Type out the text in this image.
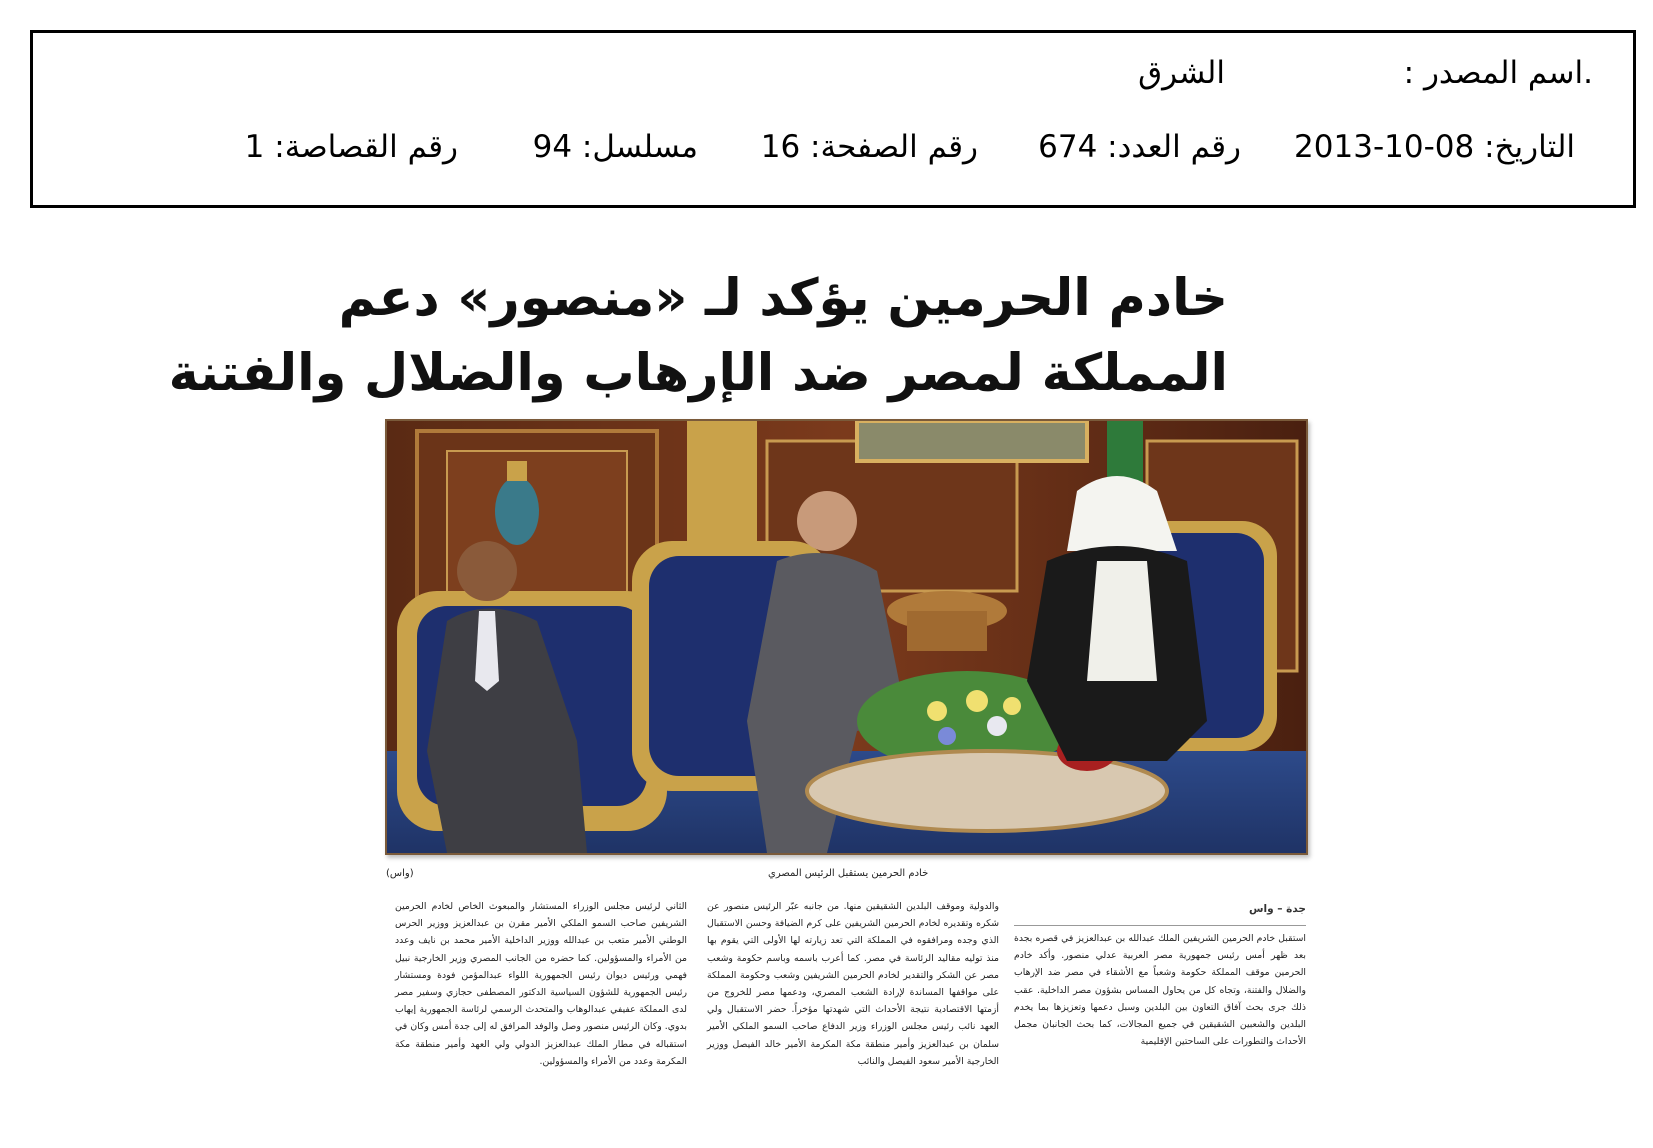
.اسم المصدر :
الشرق
التاريخ: 08-10-2013
رقم العدد: 674
رقم الصفحة: 16
مسلسل: 94
رقم القصاصة: 1
خادم الحرمين يؤكد لـ «منصور» دعم
المملكة لمصر ضد الإرهاب والضلال والفتنة
خادم الحرمين يستقبل الرئيس المصري
(واس)
جدة – واس

استقبل خادم الحرمين الشريفين الملك عبدالله بن عبدالعزيز في قصره بجدة بعد ظهر أمس رئيس جمهورية مصر العربية عدلي منصور. وأكد خادم الحرمين موقف المملكة حكومة وشعباً مع الأشقاء في مصر ضد الإرهاب والضلال والفتنة، وتجاه كل من يحاول المساس بشؤون مصر الداخلية. عقب ذلك جرى بحث آفاق التعاون بين البلدين وسبل دعمها وتعزيزها بما يخدم البلدين والشعبين الشقيقين في جميع المجالات، كما بحث الجانبان مجمل الأحداث والتطورات على الساحتين الإقليمية

والدولية وموقف البلدين الشقيقين منها. من جانبه عبّر الرئيس منصور عن شكره وتقديره لخادم الحرمين الشريفين على كرم الضيافة وحسن الاستقبال الذي وجده ومرافقوه في المملكة التي تعد زيارته لها الأولى التي يقوم بها منذ توليه مقاليد الرئاسة في مصر. كما أعرب باسمه وباسم حكومة وشعب مصر عن الشكر والتقدير لخادم الحرمين الشريفين وشعب وحكومة المملكة على مواقفها المساندة لإرادة الشعب المصري، ودعمها مصر للخروج من أزمتها الاقتصادية نتيجة الأحداث التي شهدتها مؤخراً. حضر الاستقبال ولي العهد نائب رئيس مجلس الوزراء وزير الدفاع صاحب السمو الملكي الأمير سلمان بن عبدالعزيز وأمير منطقة مكة المكرمة الأمير خالد الفيصل ووزير الخارجية الأمير سعود الفيصل والنائب

الثاني لرئيس مجلس الوزراء المستشار والمبعوث الخاص لخادم الحرمين الشريفين صاحب السمو الملكي الأمير مقرن بن عبدالعزيز ووزير الحرس الوطني الأمير متعب بن عبدالله ووزير الداخلية الأمير محمد بن نايف وعدد من الأمراء والمسؤولين. كما حضره من الجانب المصري وزير الخارجية نبيل فهمي ورئيس ديوان رئيس الجمهورية اللواء عبدالمؤمن فودة ومستشار رئيس الجمهورية للشؤون السياسية الدكتور المصطفى حجازي وسفير مصر لدى المملكة عفيفي عبدالوهاب والمتحدث الرسمي لرئاسة الجمهورية إيهاب بدوي. وكان الرئيس منصور وصل والوفد المرافق له إلى جدة أمس وكان في استقباله في مطار الملك عبدالعزيز الدولي ولي العهد وأمير منطقة مكة المكرمة وعدد من الأمراء والمسؤولين.
